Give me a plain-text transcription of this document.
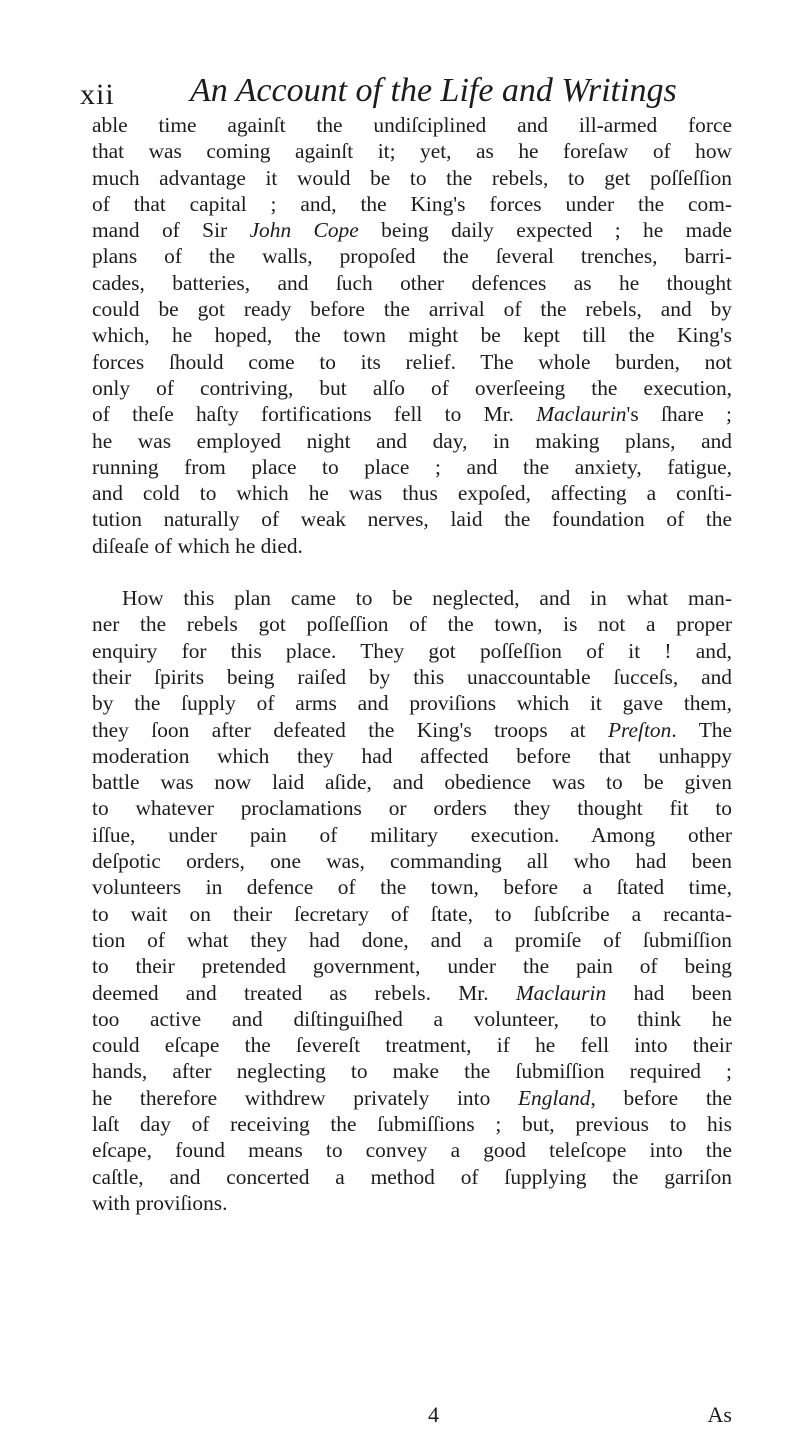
xii An Account of the Life and Writings
able time againſt the undiſciplined and ill-armed force
that was coming againſt it; yet, as he foreſaw of how
much advantage it would be to the rebels, to get poſſeſſion
of that capital ; and, the King's forces under the com-
mand of Sir John Cope being daily expected ; he made
plans of the walls, propoſed the ſeveral trenches, barri-
cades, batteries, and ſuch other defences as he thought
could be got ready before the arrival of the rebels, and by
which, he hoped, the town might be kept till the King's
forces ſhould come to its relief. The whole burden, not
only of contriving, but alſo of overſeeing the execution,
of theſe haſty fortifications fell to Mr. Maclaurin's ſhare ;
he was employed night and day, in making plans, and
running from place to place ; and the anxiety, fatigue,
and cold to which he was thus expoſed, affecting a conſti-
tution naturally of weak nerves, laid the foundation of the
diſeaſe of which he died.
How this plan came to be neglected, and in what man-
ner the rebels got poſſeſſion of the town, is not a proper
enquiry for this place. They got poſſeſſion of it ! and,
their ſpirits being raiſed by this unaccountable ſucceſs, and
by the ſupply of arms and proviſions which it gave them,
they ſoon after defeated the King's troops at Preſton. The
moderation which they had affected before that unhappy
battle was now laid aſide, and obedience was to be given
to whatever proclamations or orders they thought fit to
iſſue, under pain of military execution. Among other
deſpotic orders, one was, commanding all who had been
volunteers in defence of the town, before a ſtated time,
to wait on their ſecretary of ſtate, to ſubſcribe a recanta-
tion of what they had done, and a promiſe of ſubmiſſion
to their pretended government, under the pain of being
deemed and treated as rebels. Mr. Maclaurin had been
too active and diſtinguiſhed a volunteer, to think he
could eſcape the ſevereſt treatment, if he fell into their
hands, after neglecting to make the ſubmiſſion required ;
he therefore withdrew privately into England, before the
laſt day of receiving the ſubmiſſions ; but, previous to his
eſcape, found means to convey a good teleſcope into the
caſtle, and concerted a method of ſupplying the garriſon
with proviſions.
4	As
